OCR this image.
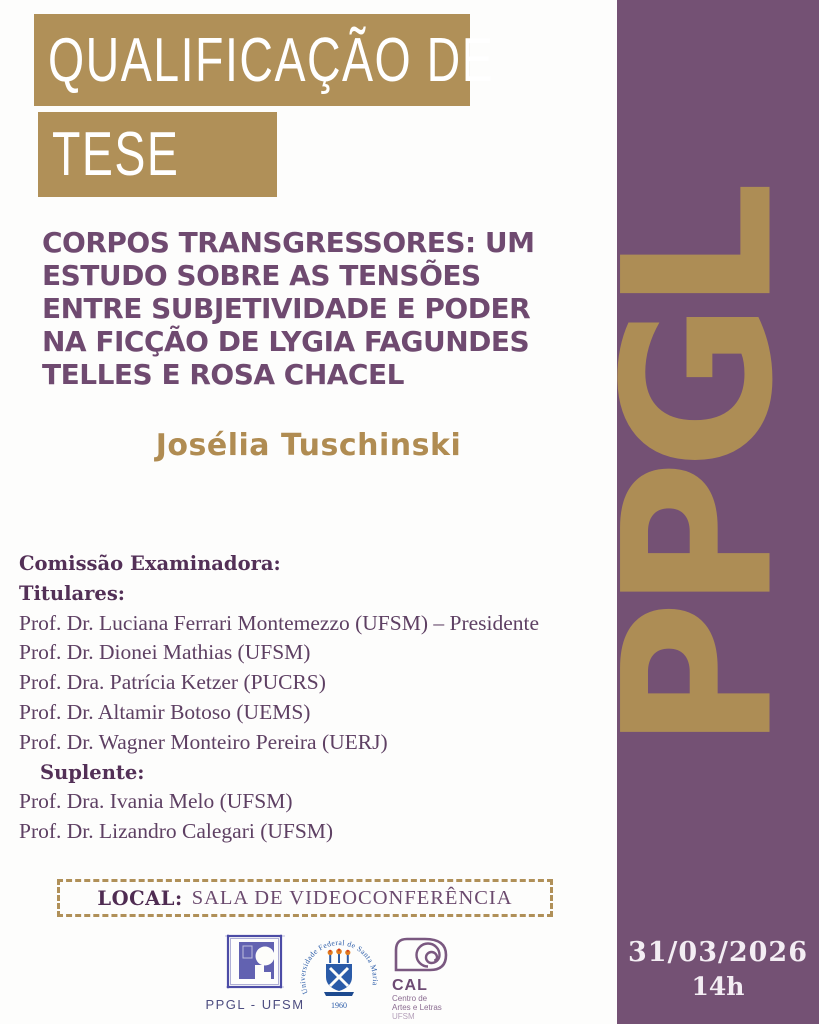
PPGL
31/03/2026
14h
QUALIFICAÇÃO DE
TESE
CORPOS TRANSGRESSORES: UM
ESTUDO SOBRE AS TENSÕES
ENTRE SUBJETIVIDADE E PODER
NA FICÇÃO DE LYGIA FAGUNDES
TELLES E ROSA CHACEL
Josélia Tuschinski
Comissão Examinadora:
Titulares:
Prof. Dr. Luciana Ferrari Montemezzo (UFSM) – Presidente
Prof. Dr. Dionei Mathias (UFSM)
Prof. Dra. Patrícia Ketzer (PUCRS)
Prof. Dr. Altamir Botoso (UEMS)
Prof. Dr. Wagner Monteiro Pereira (UERJ)
Suplente:
Prof. Dra. Ivania Melo (UFSM)
Prof. Dr. Lizandro Calegari (UFSM)
LOCAL: SALA DE VIDEOCONFERÊNCIA
PPGL - UFSM
Universidade Federal de Santa Maria
1960
CAL
Centro de
Artes e Letras
UFSM
